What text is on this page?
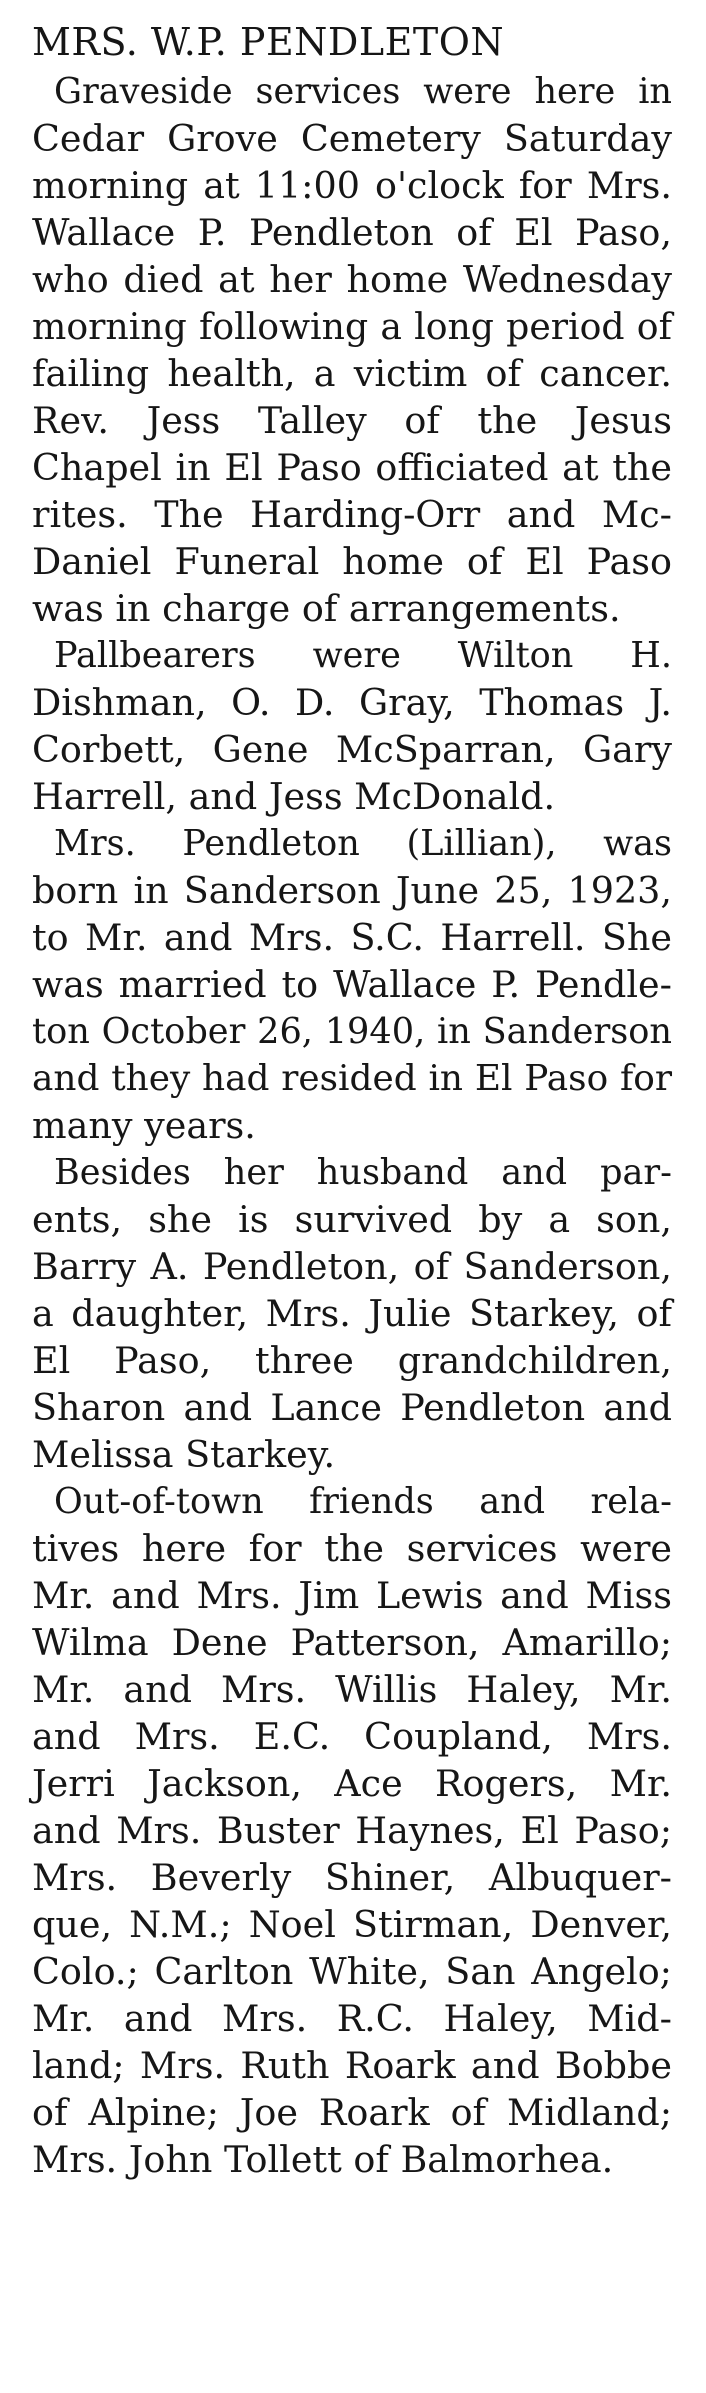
MRS. W.P. PENDLETON

Graveside services were here in
Cedar Grove Cemetery Saturday
morning at 11:00 o'clock for Mrs.
Wallace P. Pendleton of El Paso,
who died at her home Wednesday
morning following a long period of
failing health, a victim of cancer.
Rev. Jess Talley of the Jesus
Chapel in El Paso officiated at the
rites. The Harding-Orr and Mc-
Daniel Funeral home of El Paso
was in charge of arrangements.

Pallbearers were Wilton H.
Dishman, O. D. Gray, Thomas J.
Corbett, Gene McSparran, Gary
Harrell, and Jess McDonald.

Mrs. Pendleton (Lillian), was
born in Sanderson June 25, 1923,
to Mr. and Mrs. S.C. Harrell. She
was married to Wallace P. Pendle-
ton October 26, 1940, in Sanderson
and they had resided in El Paso for
many years.

Besides her husband and par-
ents, she is survived by a son,
Barry A. Pendleton, of Sanderson,
a daughter, Mrs. Julie Starkey, of
El Paso, three grandchildren,
Sharon and Lance Pendleton and
Melissa Starkey.

Out-of-town friends and rela-
tives here for the services were
Mr. and Mrs. Jim Lewis and Miss
Wilma Dene Patterson, Amarillo;
Mr. and Mrs. Willis Haley, Mr.
and Mrs. E.C. Coupland, Mrs.
Jerri Jackson, Ace Rogers, Mr.
and Mrs. Buster Haynes, El Paso;
Mrs. Beverly Shiner, Albuquer-
que, N.M.; Noel Stirman, Denver,
Colo.; Carlton White, San Angelo;
Mr. and Mrs. R.C. Haley, Mid-
land; Mrs. Ruth Roark and Bobbe
of Alpine; Joe Roark of Midland;
Mrs. John Tollett of Balmorhea.
